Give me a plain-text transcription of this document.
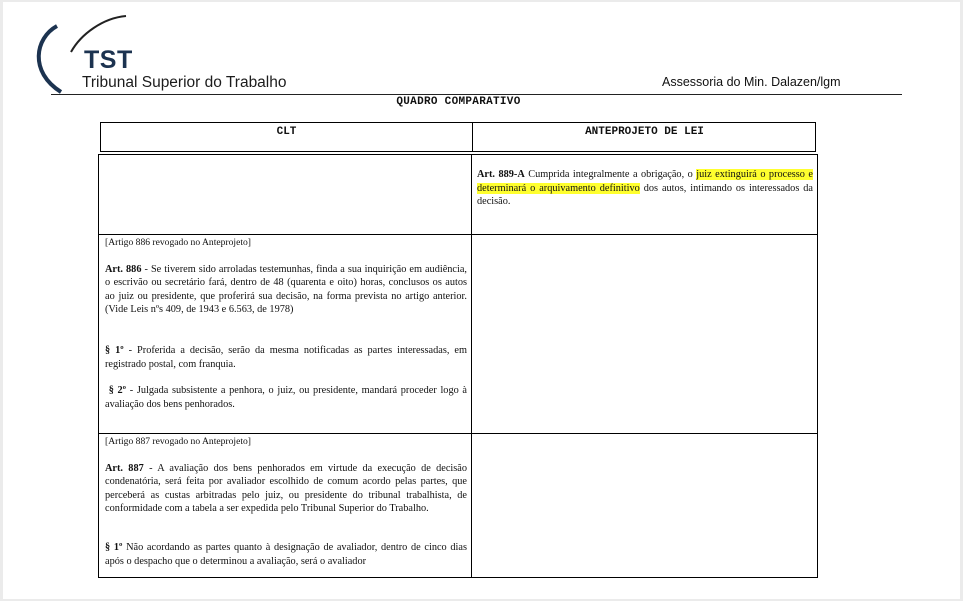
TST
Tribunal Superior do Trabalho	Assessoria do Min. Dalazen/lgm
QUADRO COMPARATIVO
CLT	ANTEPROJETO DE LEI

Art. 889-A Cumprida integralmente a obrigação, o juiz extinguirá o processo e determinará o arquivamento definitivo dos autos, intimando os interessados da decisão.

[Artigo 886 revogado no Anteprojeto]

Art. 886 - Se tiverem sido arroladas testemunhas, finda a sua inquirição em audiência, o escrivão ou secretário fará, dentro de 48 (quarenta e oito) horas, conclusos os autos ao juiz ou presidente, que proferirá sua decisão, na forma prevista no artigo anterior. (Vide Leis nºs 409, de 1943 e 6.563, de 1978)

§ 1º - Proferida a decisão, serão da mesma notificadas as partes interessadas, em registrado postal, com franquia.

§ 2º - Julgada subsistente a penhora, o juiz, ou presidente, mandará proceder logo à avaliação dos bens penhorados.

[Artigo 887 revogado no Anteprojeto]

Art. 887 - A avaliação dos bens penhorados em virtude da execução de decisão condenatória, será feita por avaliador escolhido de comum acordo pelas partes, que perceberá as custas arbitradas pelo juiz, ou presidente do tribunal trabalhista, de conformidade com a tabela a ser expedida pelo Tribunal Superior do Trabalho.

§ 1º Não acordando as partes quanto à designação de avaliador, dentro de cinco dias após o despacho que o determinou a avaliação, será o avaliador
